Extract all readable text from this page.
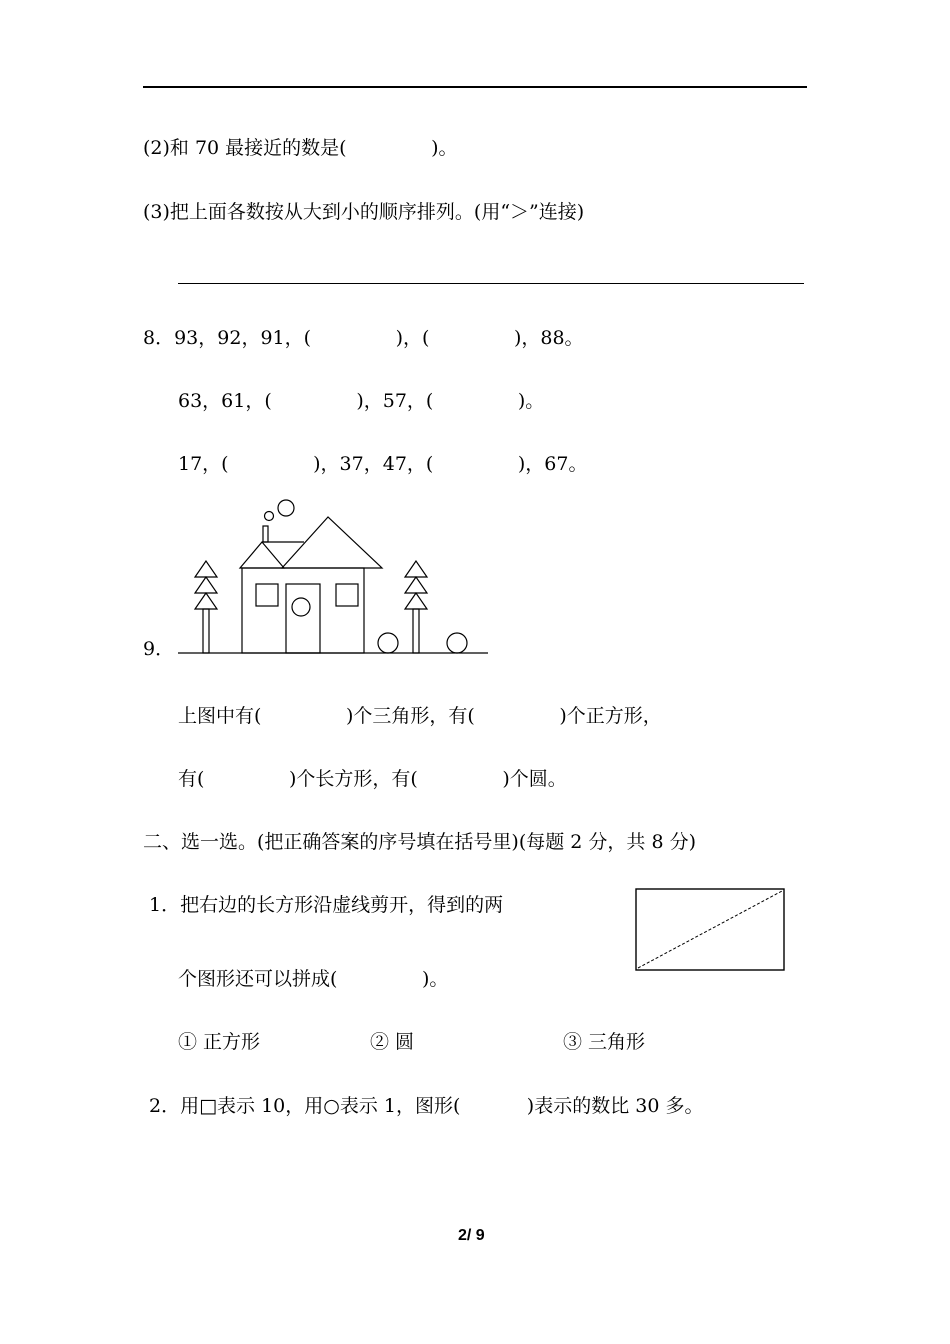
(2)和 70 最接近的数是(              )。
(3)把上面各数按从大到小的顺序排列。(用“＞”连接)
8．93，92，91，(              )，(              )，88。
63，61，(              )，57，(              )。
17，(              )，37，47，(              )，67。
9．
上图中有(              )个三角形，有(              )个正方形，
有(              )个长方形，有(              )个圆。
二、选一选。(把正确答案的序号填在括号里)(每题 2 分，共 8 分)
1．把右边的长方形沿虚线剪开，得到的两
个图形还可以拼成(              )。
① 正方形	② 圆	③ 三角形
2．用□表示 10，用○表示 1，图形(           )表示的数比 30 多。
2/ 9
